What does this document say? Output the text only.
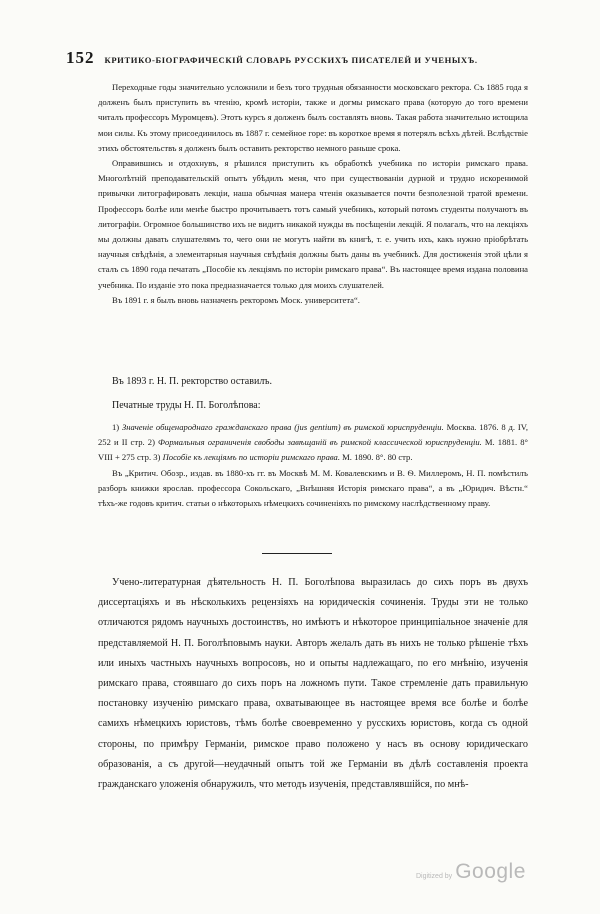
152 КРИТИКО-БІОГРАФИЧЕСКІЙ СЛОВАРЬ РУССКИХЪ ПИСАТЕЛЕЙ И УЧЕНЫХЪ.

Переходные годы значительно усложнили и безъ того трудныя обязанности московскаго ректора. Съ 1885 года я долженъ былъ приступить въ чтенію, кромѣ исторіи, также и догмы римскаго права (которую до того времени читалъ профессоръ Муромцевъ). Этотъ курсъ я долженъ былъ составлять вновь. Такая работа значительно истощила мои силы. Къ этому присоединилось въ 1887 г. семейное горе: въ короткое время я потерялъ всѣхъ дѣтей. Вслѣдствіе этихъ обстоятельствъ я долженъ былъ оставить ректорство немного раньше срока.

Оправившись и отдохнувъ, я рѣшился приступить къ обработкѣ учебника по исторіи римскаго права. Многолѣтній преподавательскій опытъ убѣдилъ меня, что при существованіи дурной и трудно искоренимой привычки литографировать лекціи, наша обычная манера чтенія оказывается почти безполезной тратой времени. Профессоръ болѣе или менѣе быстро прочитываетъ тотъ самый учебникъ, который потомъ студенты получаютъ въ литографіи. Огромное большинство ихъ не видитъ никакой нужды въ посѣщеніи лекцій. Я полагалъ, что на лекціяхъ мы должны давать слушателямъ то, чего они не могутъ найти въ книгѣ, т. е. учить ихъ, какъ нужно пріобрѣтать научныя свѣдѣнія, а элементарныя научныя свѣдѣнія должны быть даны въ учебникѣ. Для достиженія этой цѣли я сталъ съ 1890 года печатать „Пособіе къ лекціямъ по исторіи римскаго права“. Въ настоящее время издана половина учебника. По изданіе это пока предназначается только для моихъ слушателей.

Въ 1891 г. я былъ вновь назначенъ ректоромъ Моск. университета“.

Въ 1893 г. Н. П. ректорство оставилъ.

Печатные труды Н. П. Боголѣпова:

1) Значеніе общенароднаго гражданскаго права (jus gentium) въ римской юриспруденціи. Москва. 1876. 8 д. IV, 252 и II стр. 2) Формальныя ограниченія свободы завѣщаній въ римской классической юриспруденціи. М. 1881. 8° VIII + 275 стр. 3) Пособіе къ лекціямъ по исторіи римскаго права. М. 1890. 8°. 80 стр.

Въ „Критич. Обозр., издав. въ 1880-хъ гг. въ Москвѣ М. М. Ковалевскимъ и В. Ѳ. Миллеромъ, Н. П. помѣстилъ разборъ книжки ярослав. профессора Сокольскаго, „Внѣшняя Исторія римскаго права“, а въ „Юридич. Вѣстн.“ тѣхъ-же годовъ критич. статьи о нѣкоторыхъ нѣмецкихъ сочиненіяхъ по римскому наслѣдственному праву.

Учено-литературная дѣятельность Н. П. Боголѣпова выразилась до сихъ поръ въ двухъ диссертаціяхъ и въ нѣсколькихъ рецензіяхъ на юридическія сочиненія. Труды эти не только отличаются рядомъ научныхъ достоинствъ, но имѣютъ и нѣкоторое принципіальное значеніе для представляемой Н. П. Боголѣповымъ науки. Авторъ желалъ дать въ нихъ не только рѣшеніе тѣхъ или иныхъ частныхъ научныхъ вопросовъ, но и опыты надлежащаго, по его мнѣнію, изученія римскаго права, стоявшаго до сихъ поръ на ложномъ пути. Такое стремленіе дать правильную постановку изученію римскаго права, охватывающее въ настоящее время все болѣе и болѣе самихъ нѣмецкихъ юристовъ, тѣмъ болѣе своевременно у русскихъ юристовъ, когда съ одной стороны, по примѣру Германіи, римское право положено у насъ въ основу юридическаго образованія, а съ другой—неудачный опытъ той же Германіи въ дѣлѣ составленія проекта гражданскаго уложенія обнаружилъ, что методъ изученія, представлявшійся, по мнѣ-

Digitized by Google
